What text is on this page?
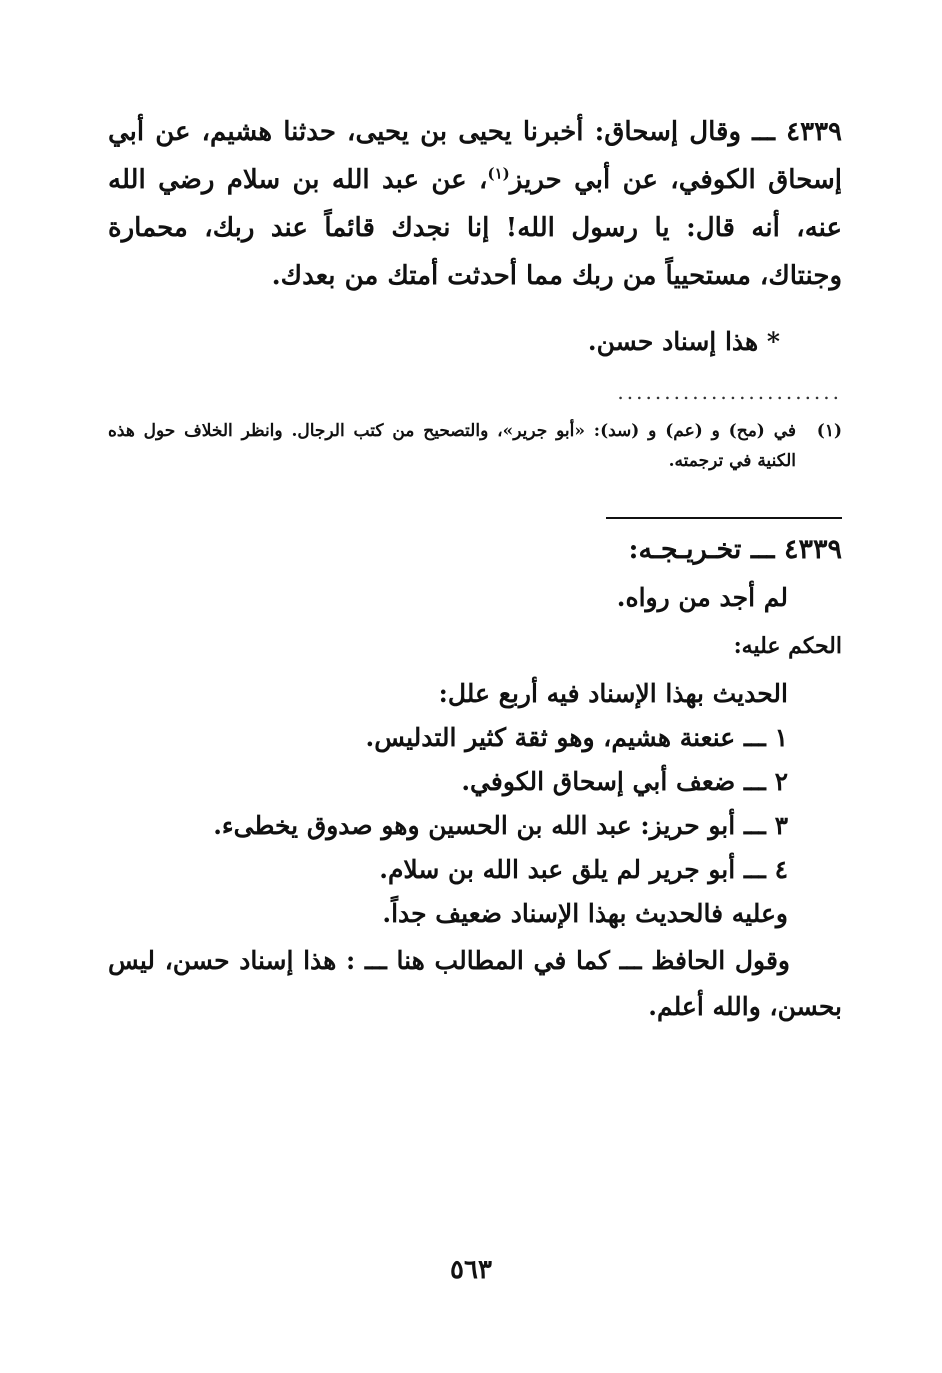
٤٣٣٩ ـــ وقال إسحاق: أخبرنا يحيى بن يحيى، حدثنا هشيم، عن أبي إسحاق الكوفي، عن أبي حريز$^{(١)}$، عن عبد الله بن سلام رضي الله عنه، أنه قال: يا رسول الله! إنا نجدك قائماً عند ربك، محمارة وجنتاك، مستحيياً من ربك مما أحدثت أمتك من بعدك.

* هذا إسناد حسن.
........................
(١)
في (مح) و (عم) و (سد): «أبو جرير»، والتصحيح من كتب الرجال. وانظر الخلاف حول هذه الكنية في ترجمته.
٤٣٣٩ ـــ تخـريـجـه:
لم أجد من رواه.
الحكم عليه:
الحديث بهذا الإسناد فيه أربع علل:
١ ـــ عنعنة هشيم، وهو ثقة كثير التدليس.
٢ ـــ ضعف أبي إسحاق الكوفي.
٣ ـــ أبو حريز: عبد الله بن الحسين وهو صدوق يخطىء.
٤ ـــ أبو جرير لم يلق عبد الله بن سلام.
وعليه فالحديث بهذا الإسناد ضعيف جداً.
وقول الحافظ ـــ كما في المطالب هنا ـــ : هذا إسناد حسن، ليس بحسن، والله أعلم.
٥٦٣
